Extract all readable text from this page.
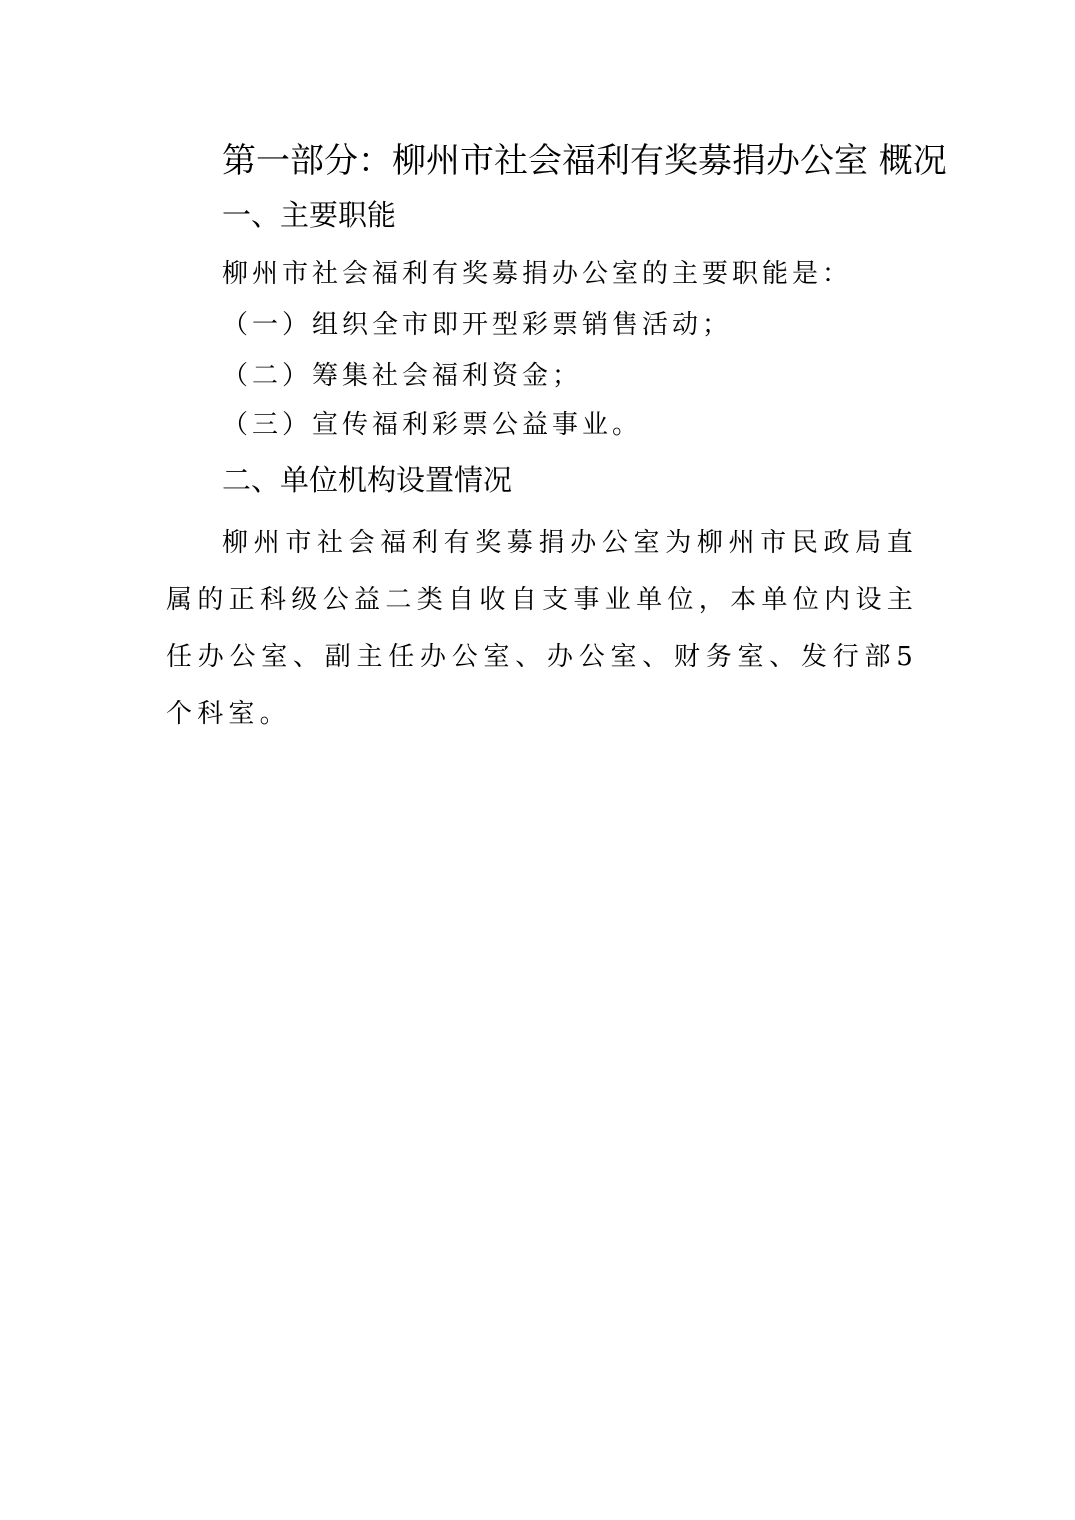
第一部分：柳州市社会福利有奖募捐办公室 概况
一、主要职能
柳州市社会福利有奖募捐办公室的主要职能是：
（一）组织全市即开型彩票销售活动；
（二）筹集社会福利资金；
（三）宣传福利彩票公益事业。
二、单位机构设置情况
柳州市社会福利有奖募捐办公室为柳州市民政局直属的正科级公益二类自收自支事业单位，本单位内设主任办公室、副主任办公室、办公室、财务室、发行部5个科室。
